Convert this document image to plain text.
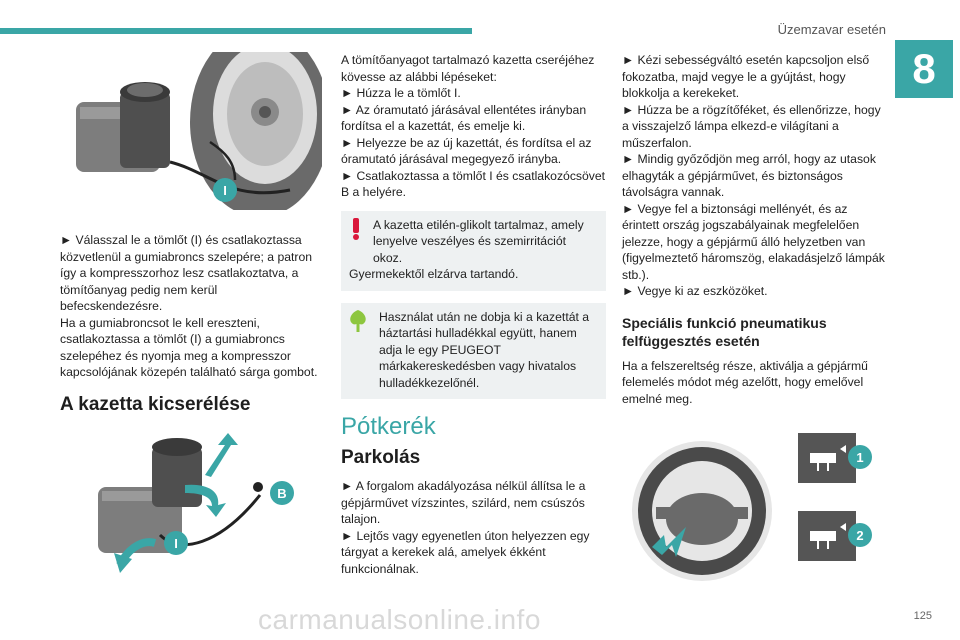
Üzemzavar esetén
8
I

► Válasszal le a tömlőt (I) és csatlakoztassa közvetlenül a gumiabroncs szelepére; a patron így a kompresszorhoz lesz csatlakoztatva, a tömítőanyag pedig nem kerül befecskendezésre.
Ha a gumiabroncsot le kell ereszteni, csatlakoztassa a tömlőt (I) a gumiabroncs szelepéhez és nyomja meg a kompresszor kapcsolójának közepén található sárga gombot.

A kazetta kicserélése
B
I

A tömítőanyagot tartalmazó kazetta cseréjéhez kövesse az alábbi lépéseket:

► Húzza le a tömlőt I.

► Az óramutató járásával ellentétes irányban fordítsa el a kazettát, és emelje ki.

► Helyezze be az új kazettát, és fordítsa el az óramutató járásával megegyező irányba.

► Csatlakoztassa a tömlőt I és csatlakozócsövet B a helyére.

A kazetta etilén-glikolt tartalmaz, amely lenyelve veszélyes és szemirritációt okoz.

Gyermekektől elzárva tartandó.

Használat után ne dobja ki a kazettát a háztartási hulladékkal együtt, hanem adja le egy PEUGEOT márkakereskedésben vagy hivatalos hulladékkezelőnél.

Pótkerék
Parkolás

► A forgalom akadályozása nélkül állítsa le a gépjárművet vízszintes, szilárd, nem csúszós talajon.
► Lejtős vagy egyenetlen úton helyezzen egy tárgyat a kerekek alá, amelyek ékként funkcionálnak.

► Kézi sebességváltó esetén kapcsoljon első fokozatba, majd vegye le a gyújtást, hogy blokkolja a kerekeket.
► Húzza be a rögzítőféket, és ellenőrizze, hogy a visszajelző lámpa elkezd-e világítani a műszerfalon.
► Mindig győződjön meg arról, hogy az utasok elhagyták a gépjárművet, és biztonságos távolságra vannak.
► Vegye fel a biztonsági mellényét, és az érintett ország jogszabályainak megfelelően jelezze, hogy a gépjármű álló helyzetben van (figyelmeztető háromszög, elakadásjelző lámpák stb.).
► Vegye ki az eszközöket.

Speciális funkció pneumatikus felfüggesztés esetén

Ha a felszereltség része, aktiválja a gépjármű felemelés módot még azelőtt, hogy emelővel emelné meg.

1
2
carmanualsonline.info	125
